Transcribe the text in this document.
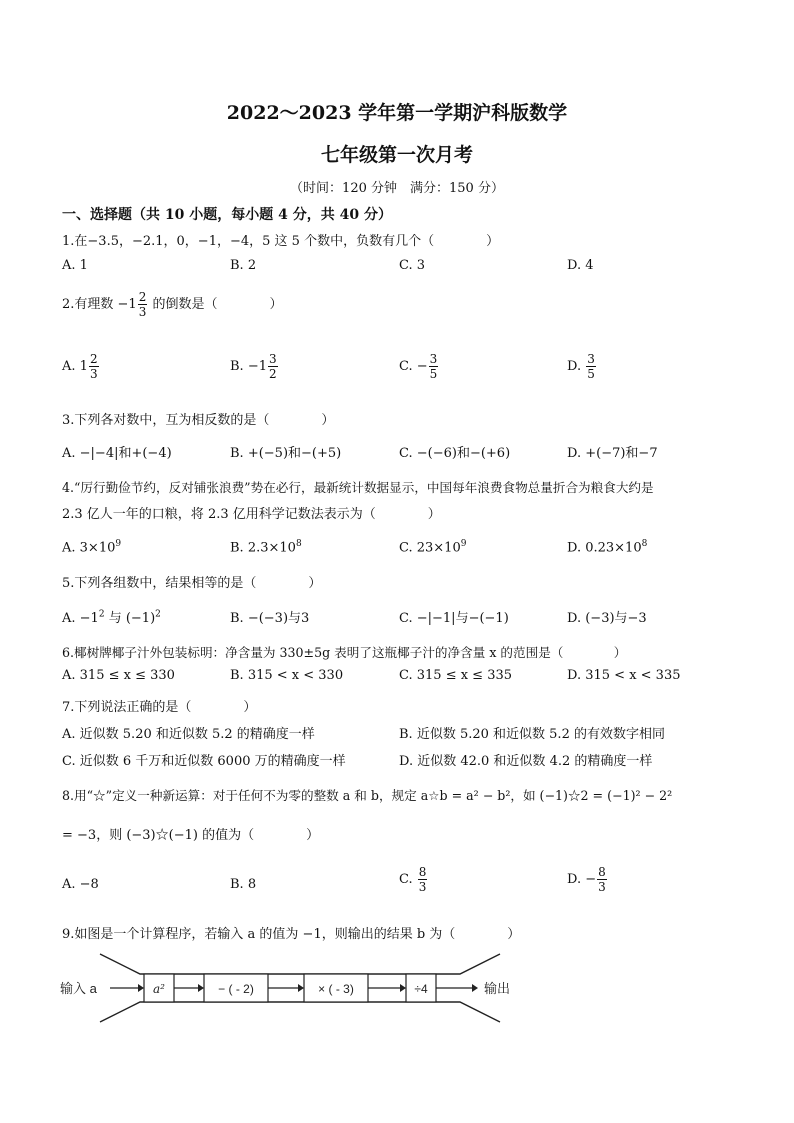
2022～2023 学年第一学期沪科版数学
七年级第一次月考
（时间：120 分钟　满分：150 分）
一、选择题（共 10 小题，每小题 4 分，共 40 分）
1.在−3.5，−2.1，0，−1，−4，5 这 5 个数中，负数有几个（　　　　）
A. 1	B. 2	C. 3	D. 4
2.有理数 $-1 \frac{2}{3}$ 的倒数是（　　　　）
A. $1 \frac{2}{3}$	B. $-1 \frac{3}{2}$	C. − $\frac{3}{5}$	D. $\frac{3}{5}$
3.下列各对数中，互为相反数的是（　　　　）
A. −|−4|和+(−4)	B. +(−5)和−(+5)	C. −(−6)和−(+6)	D. +(−7)和−7
4.“厉行勤俭节约，反对铺张浪费”势在必行，最新统计数据显示，中国每年浪费食物总量折合为粮食大约是
2.3 亿人一年的口粮，将 2.3 亿用科学记数法表示为（　　　　）
A. $3\times 10^9$	B. $2.3\times 10^8$	C. $23\times 10^9$	D. $0.23\times 10^8$
5.下列各组数中，结果相等的是（　　　　）
A. $-1^2$ 与 $(-1)^2$	B. −(−3)与3	C. −|−1|与−(−1)	D. (−3)与−3
6.椰树牌椰子汁外包装标明：净含量为 330±5g 表明了这瓶椰子汁的净含量 x 的范围是（　　　　）
A. 315 ≤ x ≤ 330	B. 315 < x < 330	C. 315 ≤ x ≤ 335	D. 315 < x < 335
7.下列说法正确的是（　　　　）
A. 近似数 5.20 和近似数 5.2 的精确度一样	B. 近似数 5.20 和近似数 5.2 的有效数字相同
C. 近似数 6 千万和近似数 6000 万的精确度一样	D. 近似数 42.0 和近似数 4.2 的精确度一样
8.用“☆”定义一种新运算：对于任何不为零的整数 a 和 b，规定 a☆b = a² − b²，如 (−1)☆2 = (−1)² − 2²
= −3，则 (−3)☆(−1) 的值为（　　　　）
A. −8	B. 8	C. $\frac{8}{3}$	D. − $\frac{8}{3}$
9.如图是一个计算程序，若输入 a 的值为 −1，则输出的结果 b 为（　　　　）
输入 a	a²	− ( - 2)	× ( - 3)	÷4	输出
